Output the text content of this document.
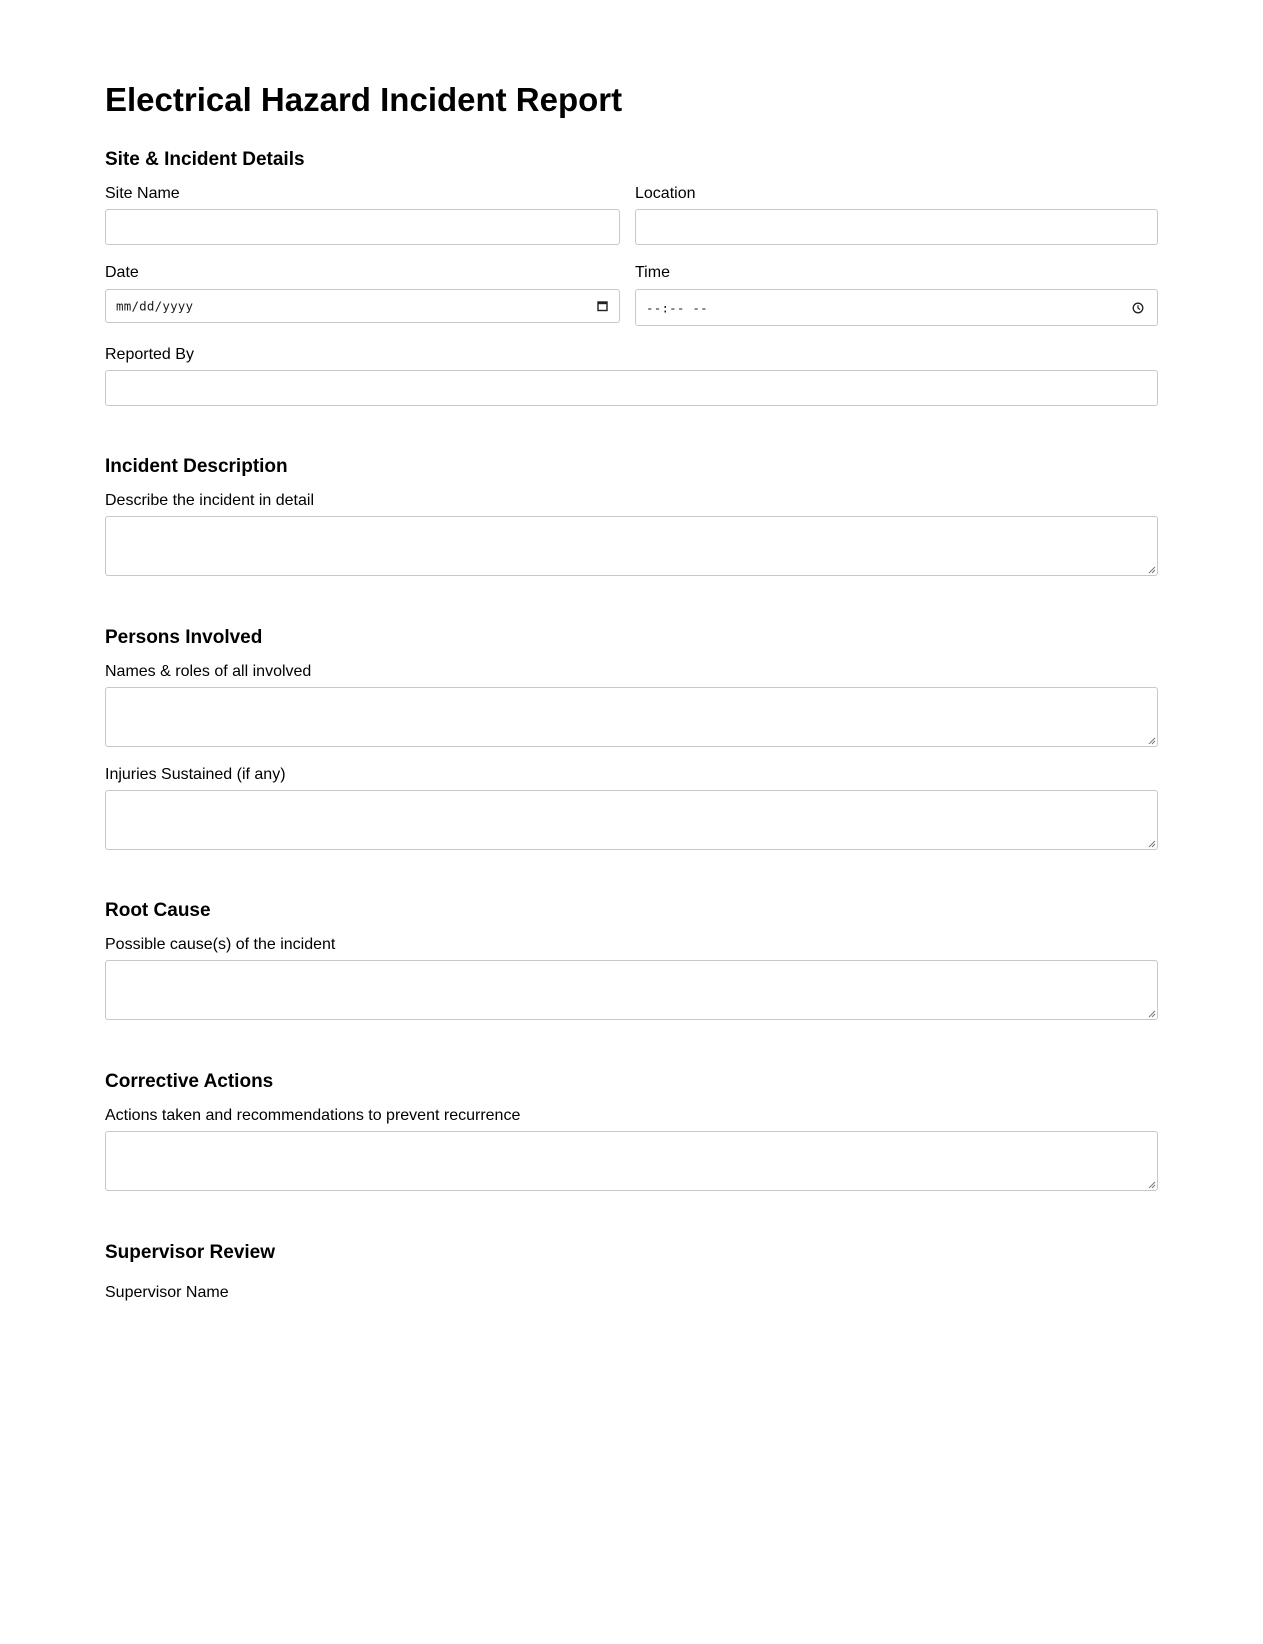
Electrical Hazard Incident Report
Site & Incident Details
Site Name	Location
Date
mm/dd/yyyy
Time
--:-- --
Reported By
Incident Description
Describe the incident in detail
Persons Involved
Names & roles of all involved
Injuries Sustained (if any)
Root Cause
Possible cause(s) of the incident
Corrective Actions
Actions taken and recommendations to prevent recurrence
Supervisor Review
Supervisor Name
